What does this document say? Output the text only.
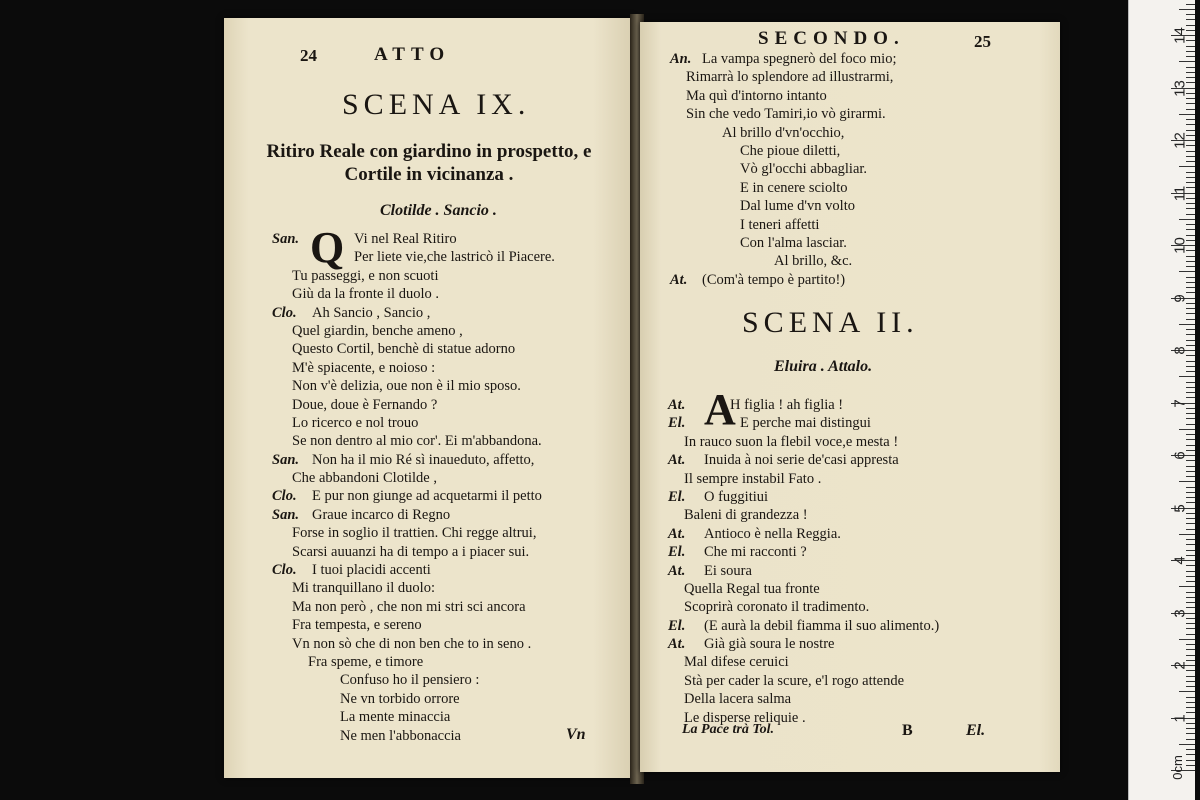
24	ATTO
SCENA IX.
Ritiro Reale con giardino in prospetto, e
Cortile in vicinanza .
Clotilde . Sancio .
Q
San.	Vi nel Real Ritiro
Per liete vie,che lastricò il Piacere.
Tu passeggi, e non scuoti
Giù da la fronte il duolo .
Clo. Ah Sancio , Sancio ,
Quel giardin, benche ameno ,
Questo Cortil, benchè di statue adorno
M'è spiacente, e noioso :
Non v'è delizia, oue non è il mio sposo.
Doue, doue è Fernando ?
Lo ricerco e nol trouo
Se non dentro al mio cor'. Ei m'abbandona.
San. Non ha il mio Ré sì inaueduto, affetto,
Che abbandoni Clotilde ,
Clo. E pur non giunge ad acquetarmi il petto
San. Graue incarco di Regno
Forse in soglio il trattien. Chi regge altrui,
Scarsi auuanzi ha di tempo a i piacer sui.
Clo. I tuoi placidi accenti
Mi tranquillano il duolo:
Ma non però , che non mi stri sci ancora
Fra tempesta, e sereno
Vn non sò che di non ben che to in seno .
Fra speme, e timore
Confuso ho il pensiero :
Ne vn torbido orrore
La mente minaccia
Ne men l'abbonaccia	Vn
SECONDO.	25
An. La vampa spegnerò del foco mio;
Rimarrà lo splendore ad illustrarmi,
Ma quì d'intorno intanto
Sin che vedo Tamiri,io vò girarmi.
Al brillo d'vn'occhio,
Che pioue diletti,
Vò gl'occhi abbagliar.
E in cenere sciolto
Dal lume d'vn volto
I teneri affetti
Con l'alma lasciar.
Al brillo, &c.
At. (Com'à tempo è partito!)
SCENA II.
Eluira . Attalo.
A
At.	H figlia ! ah figlia !
El.	E perche mai distingui
In rauco suon la flebil voce,e mesta !
At. Inuida à noi serie de'casi appresta
Il sempre instabil Fato .
El. O fuggitiui
Baleni di grandezza !
At. Antioco è nella Reggia.
El. Che mi racconti ?
At. Ei soura
Quella Regal tua fronte
Scoprirà coronato il tradimento.
El. (E aurà la debil fiamma il suo alimento.)
At. Già già soura le nostre
Mal difese ceruici
Stà per cader la scure, e'l rogo attende
Della lacera salma
Le disperse reliquie .
La Pace trà Tol.	B	El.
1
2
3
4
5
6
7
8
9
10
11
12
13
14
0cm
